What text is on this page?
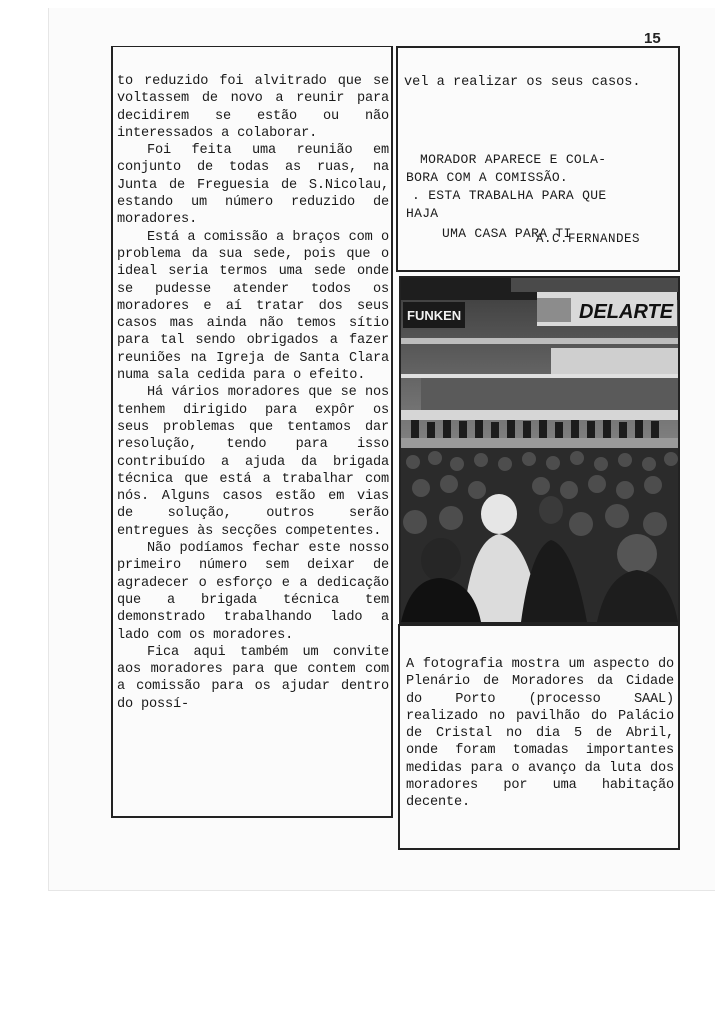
15

to reduzido foi alvitrado que se voltassem de novo a reunir para decidirem se estão ou não interessados a colaborar.

Foi feita uma reunião em conjunto de todas as ruas, na Junta de Freguesia de S.Nicolau, estando um número reduzido de moradores.

Está a comissão a braços com o problema da sua sede, pois que o ideal seria termos uma sede onde se pudesse atender todos os moradores e aí tratar dos seus casos mas ainda não temos sítio para tal sendo obrigados a fazer reuniões na Igreja de Santa Clara numa sala cedida para o efeito.

Há vários moradores que se nos tenhem dirigido para expôr os seus problemas que tentamos dar resolução, tendo para isso contribuído a ajuda da brigada técnica que está a trabalhar com nós. Alguns casos estão em vias de solução, outros serão entregues às secções competentes.

Não podíamos fechar este nosso primeiro número sem deixar de agradecer o esforço e a dedicação que a brigada técnica tem demonstrado trabalhando lado a lado com os moradores.

Fica aqui também um convite aos moradores para que contem com a comissão para os ajudar dentro do possí-

vel a realizar os seus casos.
MORADOR APARECE E COLA-
BORA COM A COMISSÃO.
. ESTA TRABALHA PARA QUE
HAJA
UMA CASA PARA TI
A.C.FERNANDES
FUNKEN	DELARTE
A fotografia mostra um aspecto do Plenário de Moradores da Cidade do Porto (processo SAAL) realizado no pavilhão do Palácio de Cristal no dia 5 de Abril, onde foram tomadas importantes medidas para o avanço da luta dos moradores por uma habitação decente.
